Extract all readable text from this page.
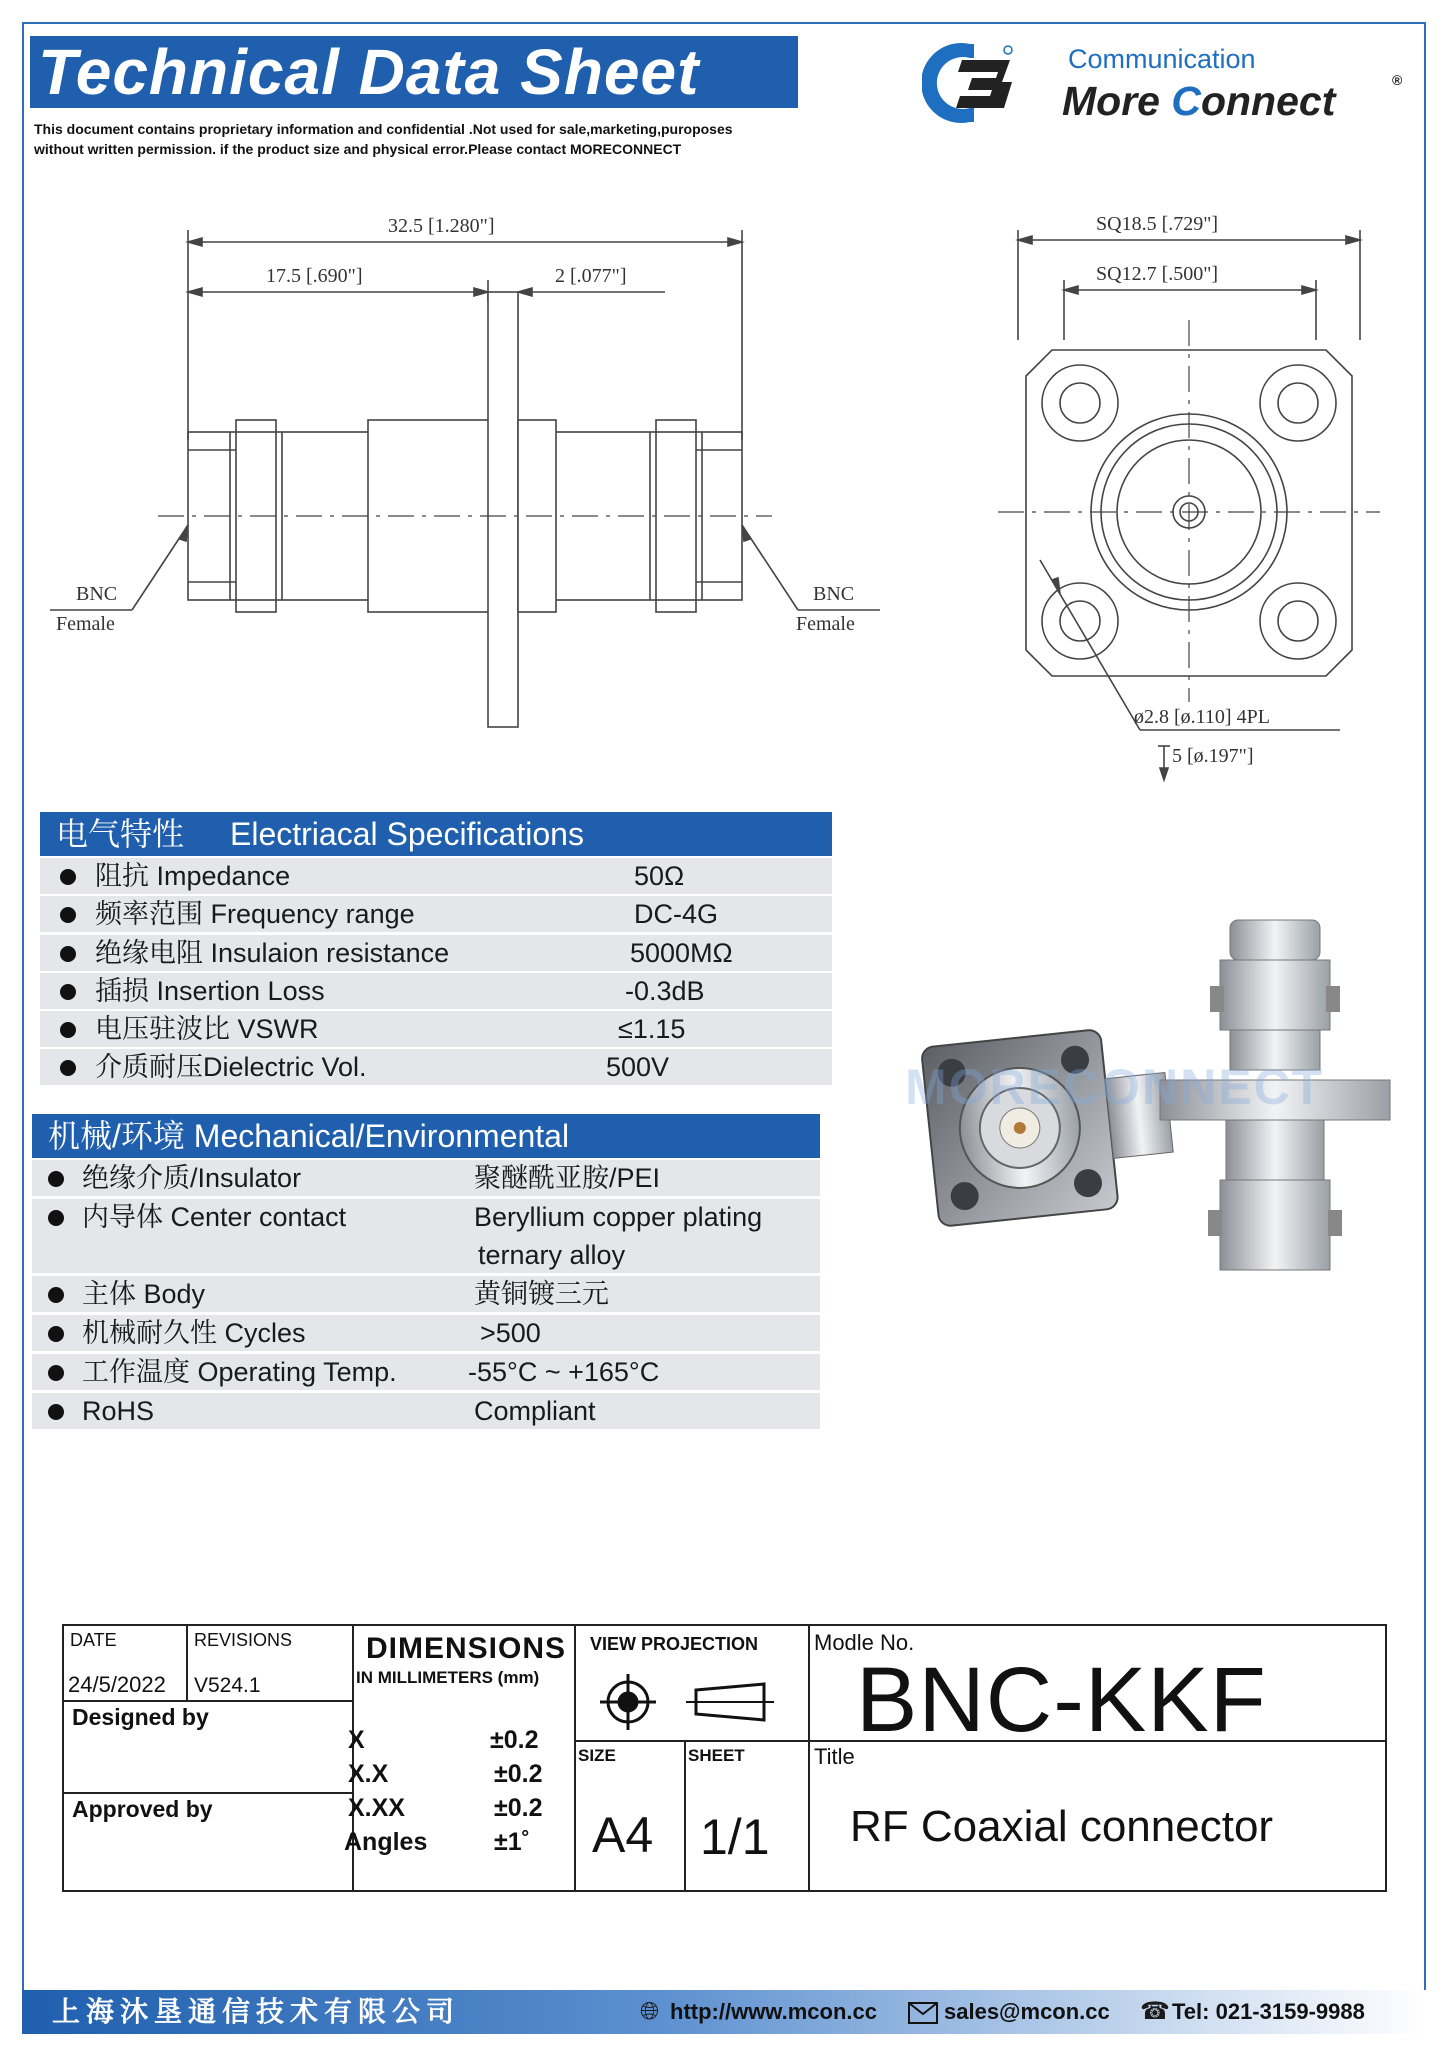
Technical Data Sheet
This document contains proprietary information and confidential .Not used for sale,marketing,puroposes
without written permission. if the product size and physical error.Please contact MORECONNECT
Communication
More Connect	®
32.5 [1.280"]
17.5 [.690"]	2 [.077"]
BNC
Female
BNC
Female
SQ18.5 [.729"]
SQ12.7 [.500"]
ø2.8 [ø.110] 4PL
5 [ø.197"]
电气特性 Electriacal Specifications
阻抗 Impedance	50Ω
频率范围 Frequency range	DC-4G
绝缘电阻 Insulaion resistance	5000MΩ
插损 Insertion Loss	-0.3dB
电压驻波比 VSWR	≤1.15
介质耐压Dielectric Vol.	500V
机械/环境 Mechanical/Environmental
绝缘介质/Insulator	聚醚酰亚胺/PEI
内导体 Center contact	Beryllium copper plating
ternary alloy
主体 Body	黄铜镀三元
机械耐久性 Cycles	>500
工作温度 Operating Temp.	-55°C ~ +165°C
RoHS	Compliant
MORECONNECT
DATE	REVISIONS
24/5/2022 V524.1
Designed by
Approved by
DIMENSIONS
IN MILLIMETERS (mm)
X	±0.2
X.X	±0.2
X.XX	±0.2
Angles	±1˚
VIEW PROJECTION
SIZE	SHEET
A4 1/1
Modle No.
BNC-KKF
Title
RF Coaxial connector
上海沐垦通信技术有限公司	🌐︎ http://www.mcon.cc	sales@mcon.cc ☎ Tel: 021-3159-9988
